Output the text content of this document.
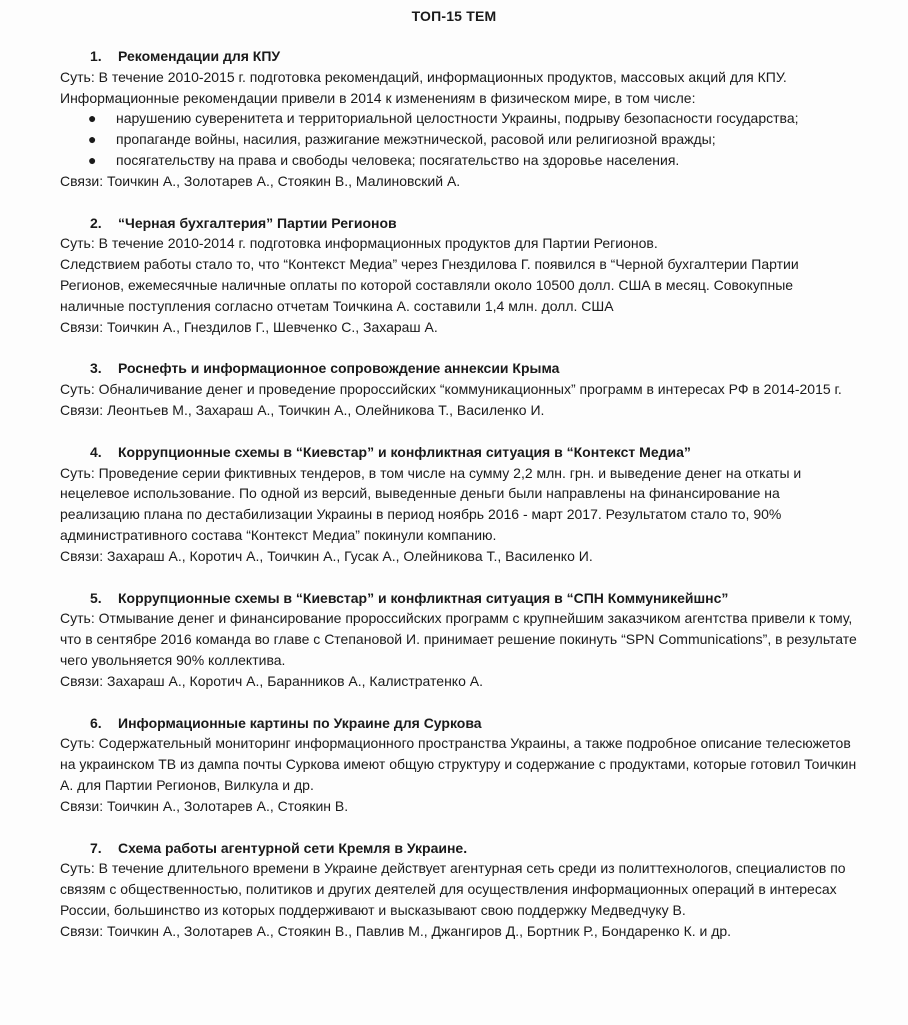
ТОП-15 ТЕМ
1.	Рекомендации для КПУ

Суть: В течение 2010-2015 г. подготовка рекомендаций, информационных продуктов, массовых акций для КПУ.

Информационные рекомендации привели в 2014 к изменениям в физическом мире, в том числе:

● нарушению суверенитета и территориальной целостности Украины, подрыву безопасности государства;
● пропаганде войны, насилия, разжигание межэтнической, расовой или религиозной вражды;
● посягательству на права и свободы человека; посягательство на здоровье населения.

Связи: Тоичкин А., Золотарев А., Стоякин В., Малиновский А.

2.	“Черная бухгалтерия” Партии Регионов

Суть: В течение 2010-2014 г. подготовка информационных продуктов для Партии Регионов.

Следствием работы стало то, что “Контекст Медиа” через Гнездилова Г. появился в “Черной бухгалтерии Партии Регионов, ежемесячные наличные оплаты по которой составляли около 10500 долл. США в месяц. Совокупные наличные поступления согласно отчетам Тоичкина А. составили 1,4 млн. долл. США

Связи: Тоичкин А., Гнездилов Г., Шевченко С., Захараш А.

3.	Роснефть и информационное сопровождение аннексии Крыма

Суть: Обналичивание денег и проведение пророссийских “коммуникационных” программ в интересах РФ в 2014-2015 г.

Связи: Леонтьев М., Захараш А., Тоичкин А., Олейникова Т., Василенко И.

4.	Коррупционные схемы в “Киевстар” и конфликтная ситуация в “Контекст Медиа”

Суть: Проведение серии фиктивных тендеров, в том числе на сумму 2,2 млн. грн. и выведение денег на откаты и нецелевое использование. По одной из версий, выведенные деньги были направлены на финансирование на реализацию плана по дестабилизации Украины в период ноябрь 2016 - март 2017. Результатом стало то, 90% административного состава “Контекст Медиа” покинули компанию.

Связи: Захараш А., Коротич А., Тоичкин А., Гусак А., Олейникова Т., Василенко И.

5.	Коррупционные схемы в “Киевстар” и конфликтная ситуация в “СПН Коммуникейшнс”

Суть: Отмывание денег и финансирование пророссийских программ с крупнейшим заказчиком агентства привели к тому, что в сентябре 2016 команда во главе с Степановой И. принимает решение покинуть “SPN Communications”, в результате чего увольняется 90% коллектива.

Связи: Захараш А., Коротич А., Баранников А., Калистратенко А.

6.	Информационные картины по Украине для Суркова

Суть: Содержательный мониторинг информационного пространства Украины, а также подробное описание телесюжетов на украинском ТВ из дампа почты Суркова имеют общую структуру и содержание с продуктами, которые готовил Тоичкин А. для Партии Регионов, Вилкула и др.

Связи: Тоичкин А., Золотарев А., Стоякин В.

7.	Схема работы агентурной сети Кремля в Украине.

Суть: В течение длительного времени в Украине действует агентурная сеть среди из политтехнологов, специалистов по связям с общественностью, политиков и других деятелей для осуществления информационных операций в интересах России, большинство из которых поддерживают и высказывают свою поддержку Медведчуку В.

Связи: Тоичкин А., Золотарев А., Стоякин В., Павлив М., Джангиров Д., Бортник Р., Бондаренко К. и др.
